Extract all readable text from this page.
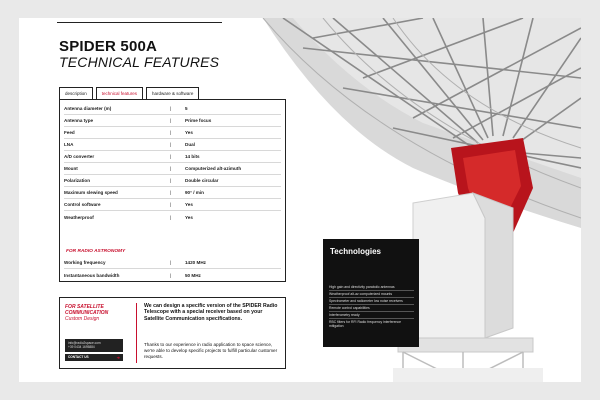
SPIDER 500A
TECHNICAL FEATURES
description	technical features	hardware & software
Antenna diameter (m)	|	5
Antenna type	|	Prime focus
Feed	|	Yes
LNA	|	Dual
A/D converter	|	14 bits
Mount	|	Computerized alt-azimuth
Polarization	|	Double circular
Maximum slewing speed	|	90° / min
Control software	|	Yes
Weatherproof	|	Yes
FOR RADIO ASTRONOMY
Working frequency	|	1420 MHz
Instantaneous bandwidth	|	50 MHz
FOR SATELLITE COMMUNICATION
Custom Design
info@radio2space.com
+39 0434 1695884
CONTACT US	➜
We can design a specific version of the SPIDER Radio Telescope with a special receiver based on your Satellite Communication specifications.
Thanks to our experience in radio application to space science, we're able to develop specific projects to fulfill particular customer requests.
Technologies
High gain and directivity parabolic antennas
Weatherproof alt-az computerized mounts
Spectrometer and radiometer low noise receivers
Remote control capabilities
Interferometry ready
RBC filters for RFI Radio frequency interference mitigation
